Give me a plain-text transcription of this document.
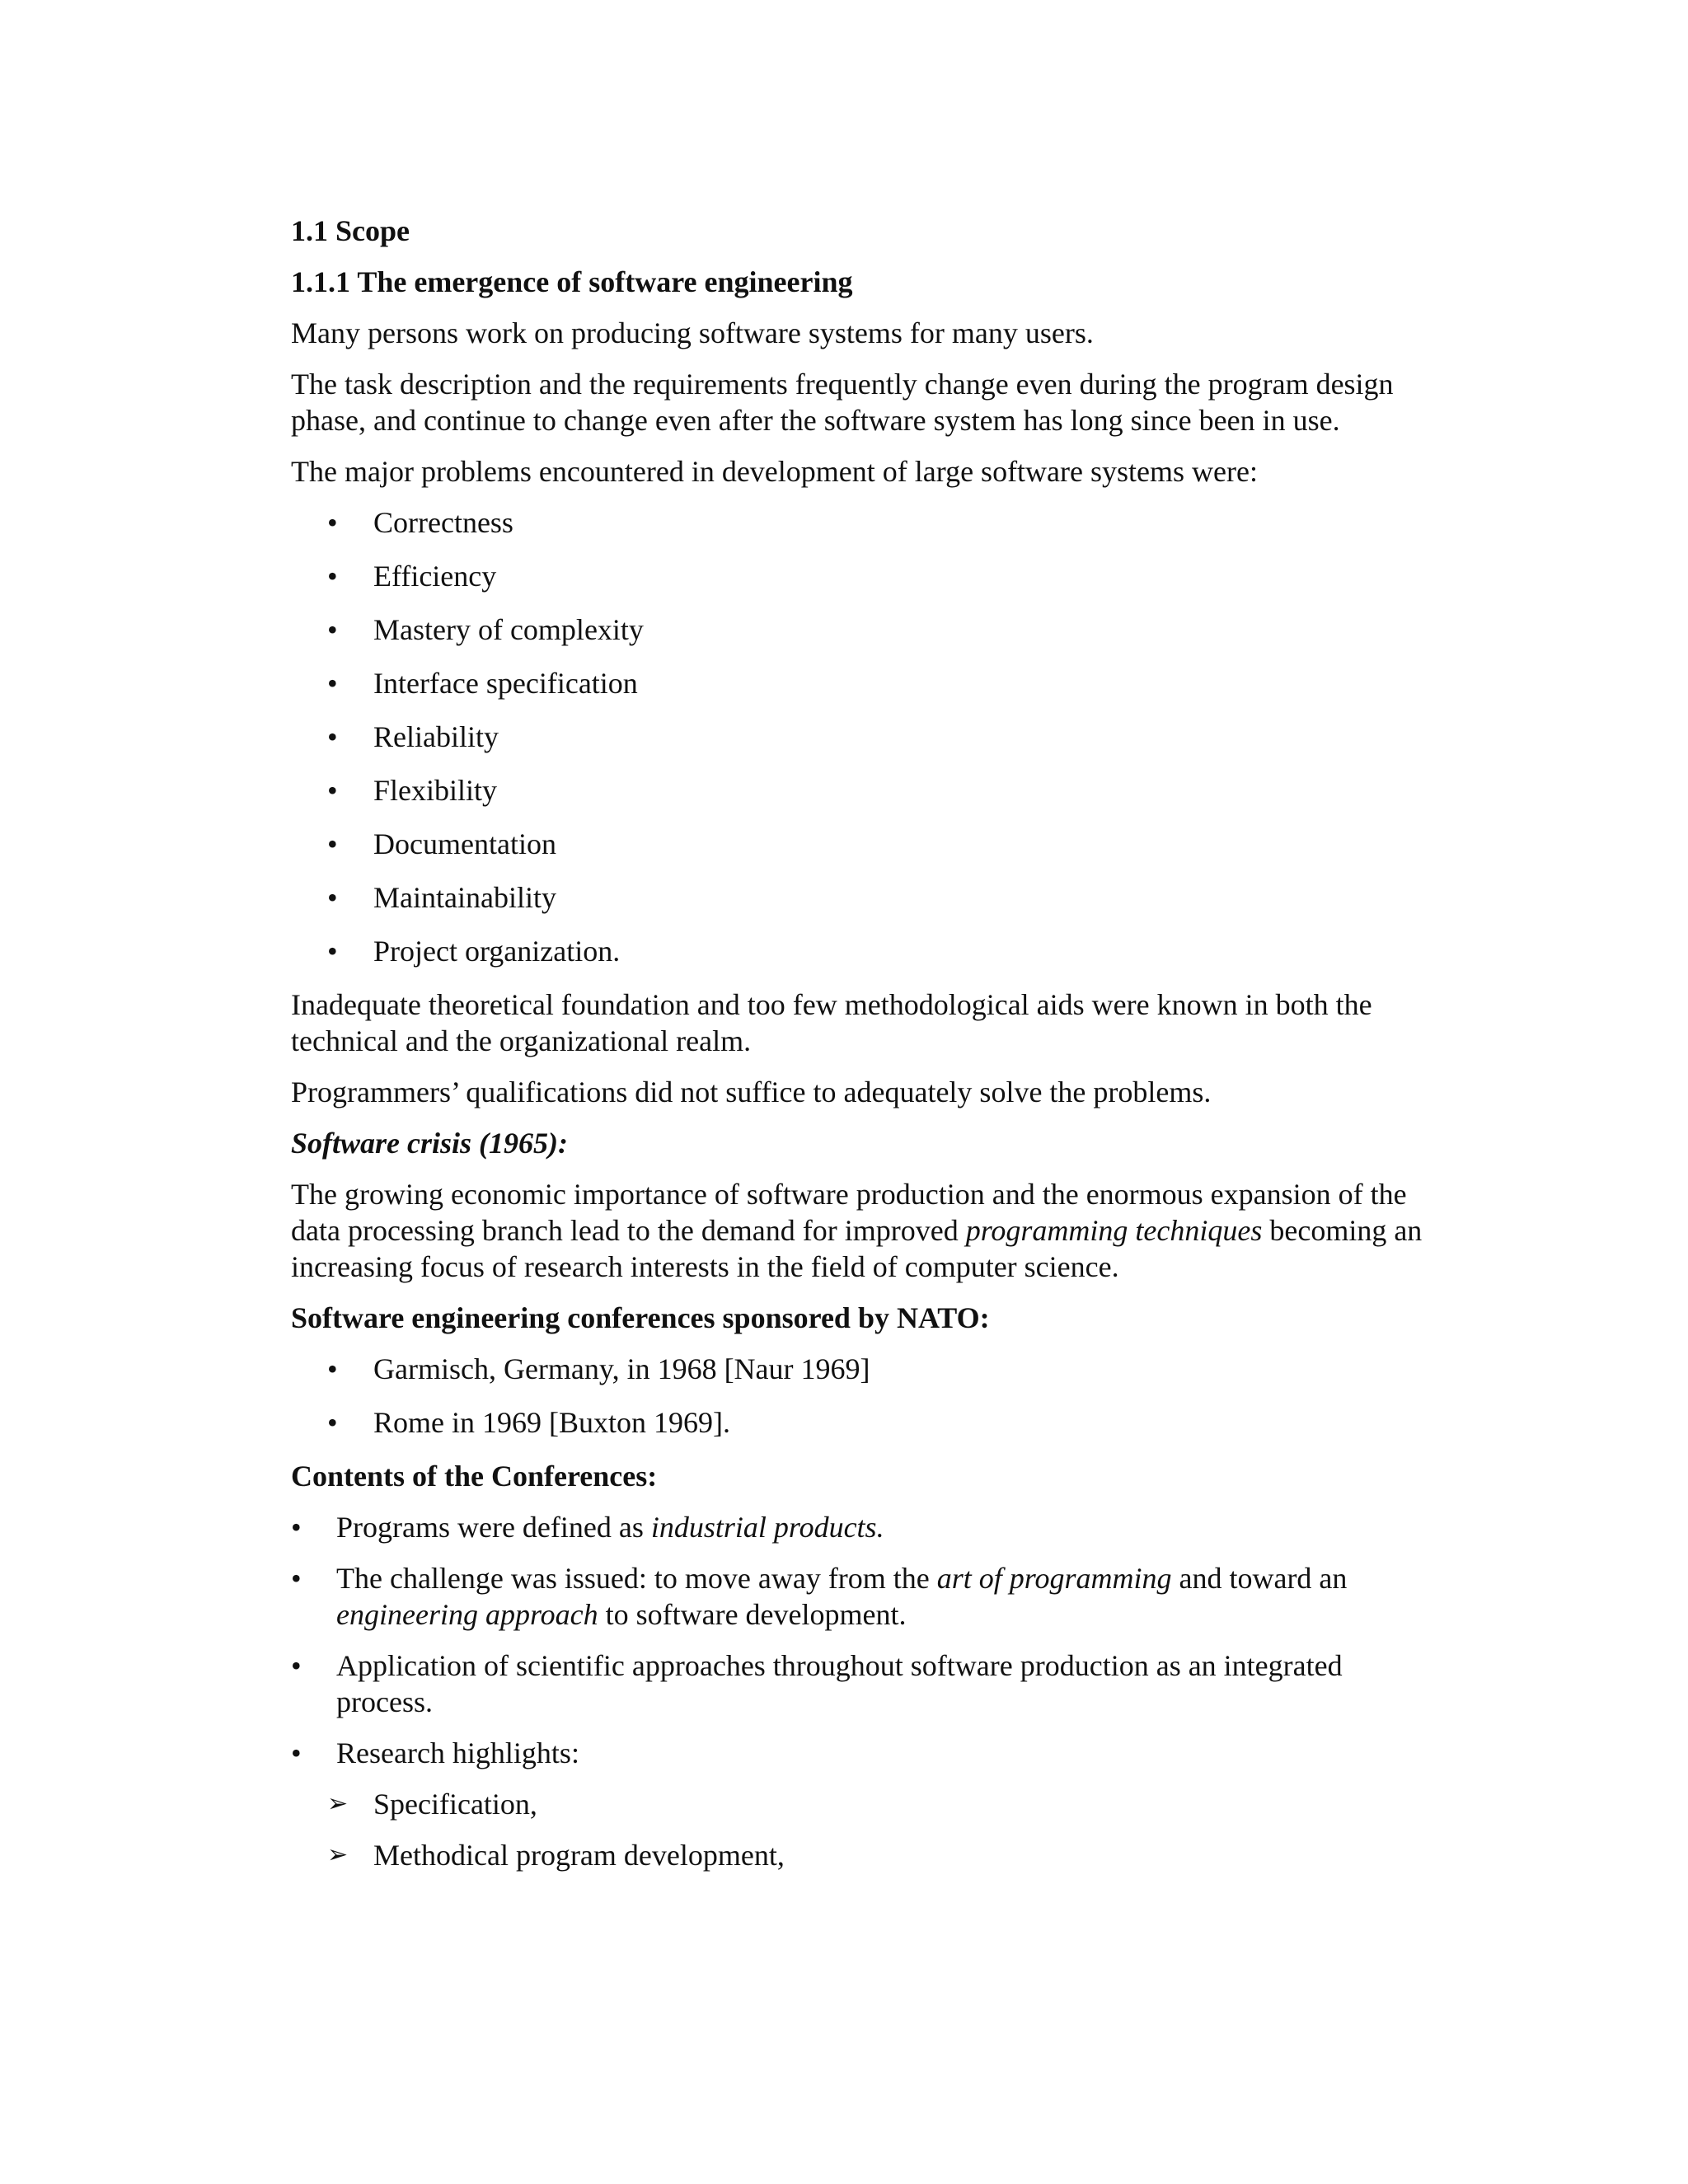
1.1 Scope
1.1.1 The emergence of software engineering
Many persons work on producing software systems for many users.
The task description and the requirements frequently change even during the program design phase, and continue to change even after the software system has long since been in use.
The major problems encountered in development of large software systems were:
• Correctness
• Efficiency
• Mastery of complexity
• Interface specification
• Reliability
• Flexibility
• Documentation
• Maintainability
• Project organization.
Inadequate theoretical foundation and too few methodological aids were known in both the technical and the organizational realm.
Programmers’ qualifications did not suffice to adequately solve the problems.
Software crisis (1965):
The growing economic importance of software production and the enormous expansion of the data processing branch lead to the demand for improved programming techniques becoming an increasing focus of research interests in the field of computer science.
Software engineering conferences sponsored by NATO:
• Garmisch, Germany, in 1968 [Naur 1969]
• Rome in 1969 [Buxton 1969].
Contents of the Conferences:
• Programs were defined as industrial products.
• The challenge was issued: to move away from the art of programming and toward an engineering approach to software development.
• Application of scientific approaches throughout software production as an integrated process.
• Research highlights:
➢ Specification,
➢ Methodical program development,
